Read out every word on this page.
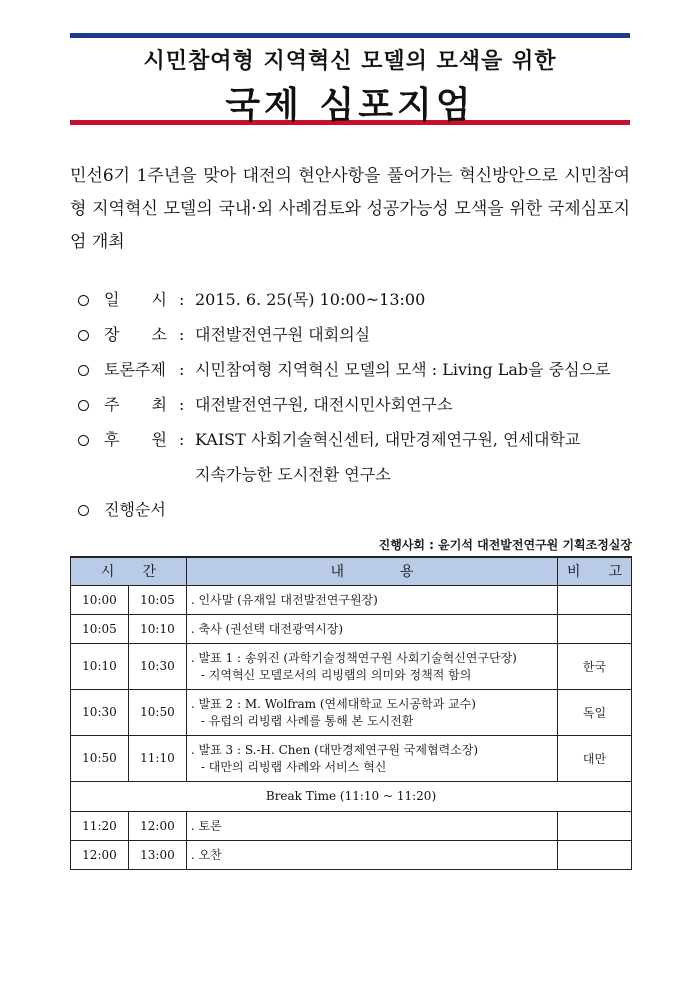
시민참여형 지역혁신 모델의 모색을 위한
국제 심포지엄

민선6기 1주년을 맞아 대전의 현안사항을 풀어가는 혁신방안으로 시민참여형 지역혁신 모델의 국내·외 사례검토와 성공가능성 모색을 위한 국제심포지엄 개최

일　　시 : 2015. 6. 25(목) 10:00~13:00
장　　소 : 대전발전연구원 대회의실
토론주제 : 시민참여형 지역혁신 모델의 모색 : Living Lab을 중심으로
주　　최 : 대전발전연구원, 대전시민사회연구소
후　　원 : KAIST 사회기술혁신센터, 대만경제연구원, 연세대학교
지속가능한 도시전환 연구소
진행순서
진행사회 : 윤기석 대전발전연구원 기획조정실장
시　　간		내　　　　용	비　　고
10:00	10:05	. 인사말 (유재일 대전발전연구원장)	
10:05	10:10	. 축사 (권선택 대전광역시장)	
10:10	10:30	. 발표 1 : 송위진 (과학기술정책연구원 사회기술혁신연구단장)
- 지역혁신 모델로서의 리빙랩의 의미와 정책적 함의	한국
10:30	10:50	. 발표 2 : M. Wolfram (연세대학교 도시공학과 교수)
- 유럽의 리빙랩 사례를 통해 본 도시전환	독일
10:50	11:10	. 발표 3 : S.-H. Chen (대만경제연구원 국제협력소장)
- 대만의 리빙랩 사례와 서비스 혁신	대만
Break Time (11:10 ~ 11:20)			
11:20	12:00	. 토론	
12:00	13:00	. 오찬	
